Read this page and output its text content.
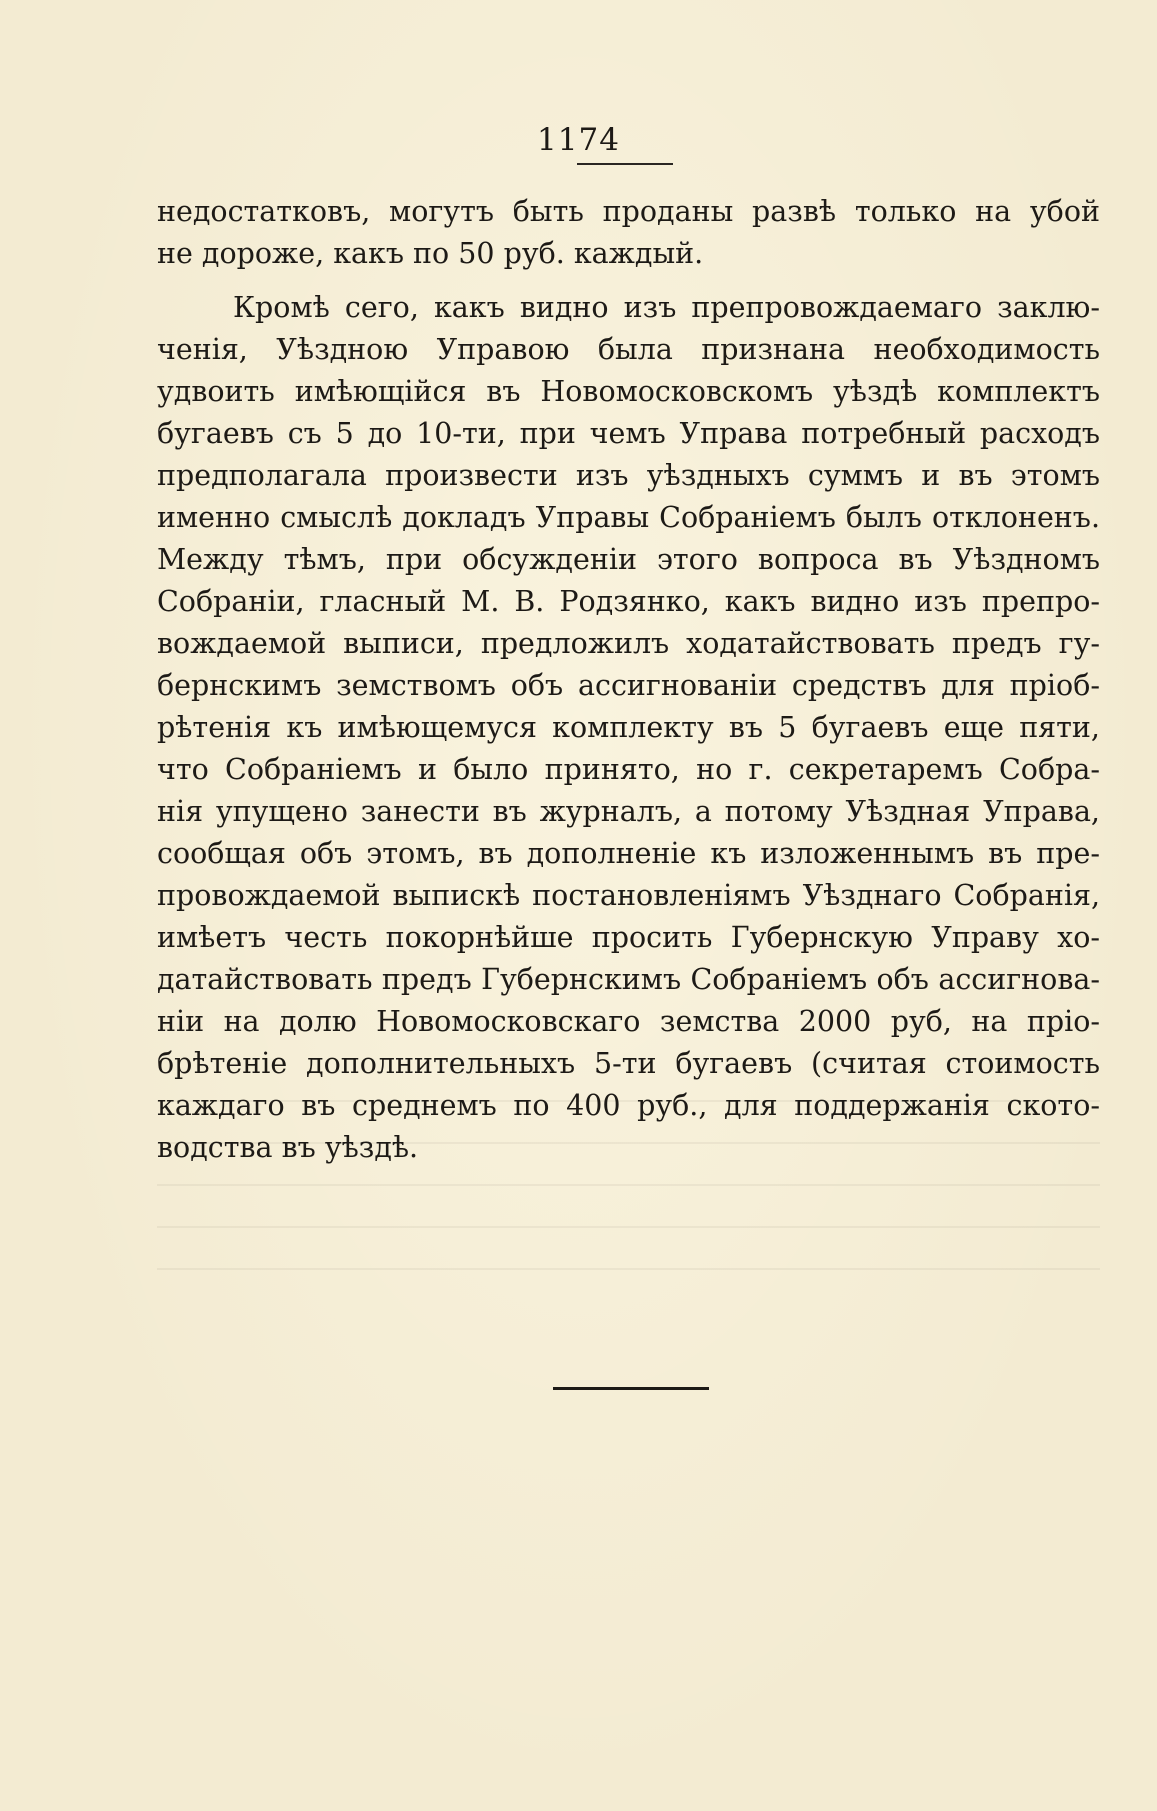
1174
недостатковъ, могутъ быть проданы развѣ только на убой
не дороже, какъ по 50 руб. каждый.
Кромѣ сего, какъ видно изъ препровождаемаго заклю-
ченія, Уѣздною Управою была признана необходимость
удвоить имѣющійся въ Новомосковскомъ уѣздѣ комплектъ
бугаевъ съ 5 до 10-ти, при чемъ Управа потребный расходъ
предполагала произвести изъ уѣздныхъ суммъ и въ этомъ
именно смыслѣ докладъ Управы Собраніемъ былъ отклоненъ.
Между тѣмъ, при обсужденіи этого вопроса въ Уѣздномъ
Собраніи, гласный М. В. Родзянко, какъ видно изъ препро-
вождаемой выписи, предложилъ ходатайствовать предъ гу-
бернскимъ земствомъ объ ассигнованіи средствъ для пріоб-
рѣтенія къ имѣющемуся комплекту въ 5 бугаевъ еще пяти,
что Собраніемъ и было принято, но г. секретаремъ Собра-
нія упущено занести въ журналъ, а потому Уѣздная Управа,
сообщая объ этомъ, въ дополненіе къ изложеннымъ въ пре-
провождаемой выпискѣ постановленіямъ Уѣзднаго Собранія,
имѣетъ честь покорнѣйше просить Губернскую Управу хо-
датайствовать предъ Губернскимъ Собраніемъ объ ассигнова-
ніи на долю Новомосковскаго земства 2000 руб, на пріо-
брѣтеніе дополнительныхъ 5-ти бугаевъ (считая стоимость
каждаго въ среднемъ по 400 руб., для поддержанія ското-
водства въ уѣздѣ.
